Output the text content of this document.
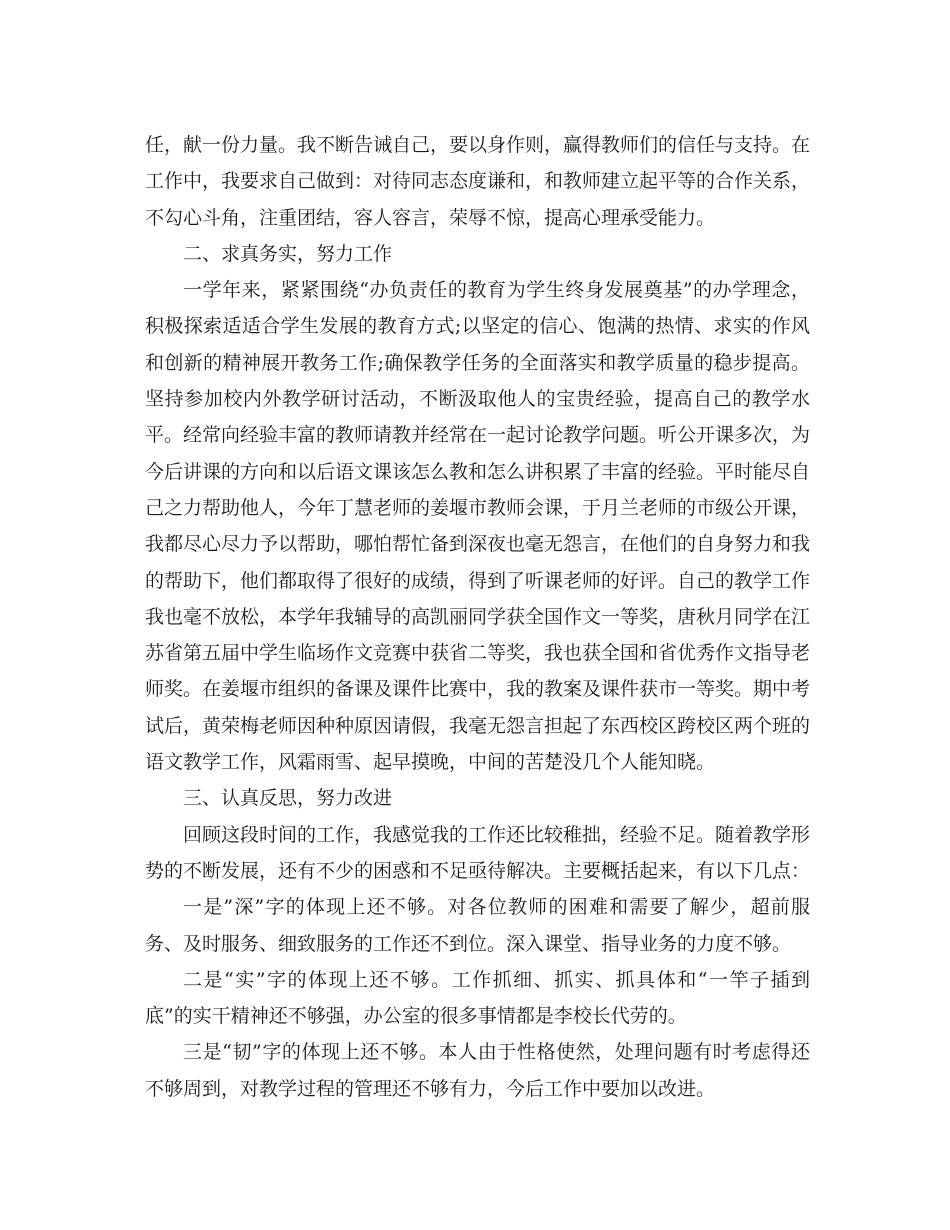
任，献一份力量。我不断告诫自己，要以身作则，赢得教师们的信任与支持。在工作中，我要求自己做到：对待同志态度谦和，和教师建立起平等的合作关系，不勾心斗角，注重团结，容人容言，荣辱不惊，提高心理承受能力。

二、求真务实，努力工作

一学年来，紧紧围绕“办负责任的教育为学生终身发展奠基”的办学理念，积极探索适适合学生发展的教育方式;以坚定的信心、饱满的热情、求实的作风和创新的精神展开教务工作;确保教学任务的全面落实和教学质量的稳步提高。坚持参加校内外教学研讨活动，不断汲取他人的宝贵经验，提高自己的教学水平。经常向经验丰富的教师请教并经常在一起讨论教学问题。听公开课多次，为今后讲课的方向和以后语文课该怎么教和怎么讲积累了丰富的经验。平时能尽自己之力帮助他人，今年丁慧老师的姜堰市教师会课，于月兰老师的市级公开课，我都尽心尽力予以帮助，哪怕帮忙备到深夜也毫无怨言，在他们的自身努力和我的帮助下，他们都取得了很好的成绩，得到了听课老师的好评。自己的教学工作我也毫不放松，本学年我辅导的高凯丽同学获全国作文一等奖，唐秋月同学在江苏省第五届中学生临场作文竞赛中获省二等奖，我也获全国和省优秀作文指导老师奖。在姜堰市组织的备课及课件比赛中，我的教案及课件获市一等奖。期中考试后，黄荣梅老师因种种原因请假，我毫无怨言担起了东西校区跨校区两个班的语文教学工作，风霜雨雪、起早摸晚，中间的苦楚没几个人能知晓。

三、认真反思，努力改进

回顾这段时间的工作，我感觉我的工作还比较稚拙，经验不足。随着教学形势的不断发展，还有不少的困惑和不足亟待解决。主要概括起来，有以下几点：

一是”深”字的体现上还不够。对各位教师的困难和需要了解少，超前服务、及时服务、细致服务的工作还不到位。深入课堂、指导业务的力度不够。

二是“实”字的体现上还不够。工作抓细、抓实、抓具体和“一竿子插到底”的实干精神还不够强，办公室的很多事情都是李校长代劳的。

三是“韧”字的体现上还不够。本人由于性格使然，处理问题有时考虑得还不够周到，对教学过程的管理还不够有力，今后工作中要加以改进。
